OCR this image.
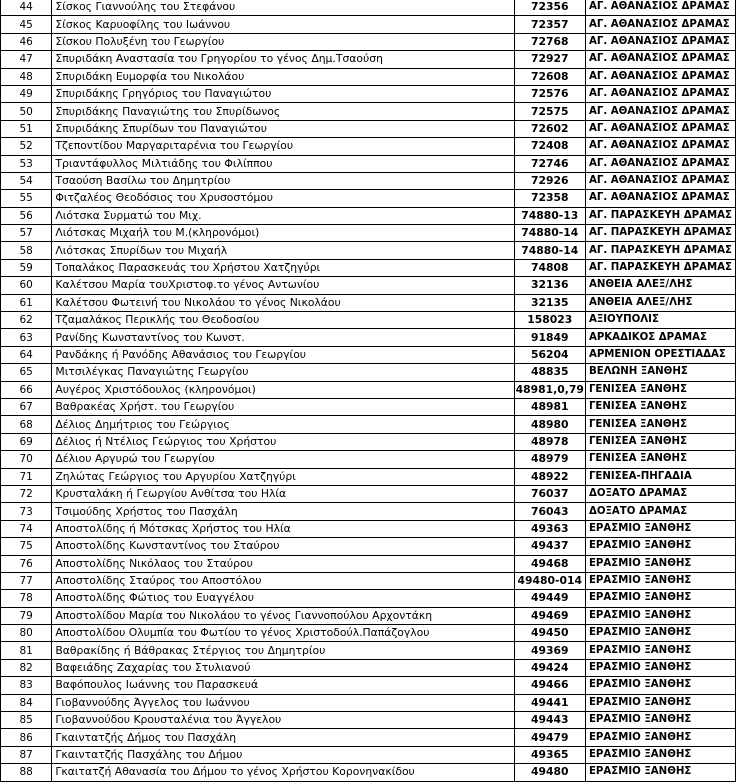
44	Σίσκος Γιαννούλης του Στεφάνου	72356	ΑΓ. ΑΘΑΝΑΣΙΟΣ ΔΡΑΜΑΣ
45	Σίσκος Καρυοφίλης του Ιωάννου	72357	ΑΓ. ΑΘΑΝΑΣΙΟΣ ΔΡΑΜΑΣ
46	Σίσκου Πολυξένη του Γεωργίου	72768	ΑΓ. ΑΘΑΝΑΣΙΟΣ ΔΡΑΜΑΣ
47	Σπυριδάκη Αναστασία του Γρηγορίου το γένος Δημ.Τσαούση	72927	ΑΓ. ΑΘΑΝΑΣΙΟΣ ΔΡΑΜΑΣ
48	Σπυριδάκη Ευμορφία του Νικολάου	72608	ΑΓ. ΑΘΑΝΑΣΙΟΣ ΔΡΑΜΑΣ
49	Σπυριδάκης Γρηγόριος του Παναγιώτου	72576	ΑΓ. ΑΘΑΝΑΣΙΟΣ ΔΡΑΜΑΣ
50	Σπυριδάκης Παναγιώτης του Σπυρίδωνος	72575	ΑΓ. ΑΘΑΝΑΣΙΟΣ ΔΡΑΜΑΣ
51	Σπυριδάκης Σπυρίδων του Παναγιώτου	72602	ΑΓ. ΑΘΑΝΑΣΙΟΣ ΔΡΑΜΑΣ
52	Τζεποντίδου Μαργαριταρένια του Γεωργίου	72408	ΑΓ. ΑΘΑΝΑΣΙΟΣ ΔΡΑΜΑΣ
53	Τριαντάφυλλος Μιλτιάδης του Φιλίππου	72746	ΑΓ. ΑΘΑΝΑΣΙΟΣ ΔΡΑΜΑΣ
54	Τσαούση Βασίλω του Δημητρίου	72926	ΑΓ. ΑΘΑΝΑΣΙΟΣ ΔΡΑΜΑΣ
55	Φιτζαλέος Θεοδόσιος του Χρυσοστόμου	72358	ΑΓ. ΑΘΑΝΑΣΙΟΣ ΔΡΑΜΑΣ
56	Λιότσκα Συρματώ του Μιχ.	74880-13	ΑΓ. ΠΑΡΑΣΚΕΥΗ ΔΡΑΜΑΣ
57	Λιότσκας Μιχαήλ του Μ.(κληρονόμοι)	74880-14	ΑΓ. ΠΑΡΑΣΚΕΥΗ ΔΡΑΜΑΣ
58	Λιότσκας Σπυρίδων του Μιχαήλ	74880-14	ΑΓ. ΠΑΡΑΣΚΕΥΗ ΔΡΑΜΑΣ
59	Τοπαλάκος Παρασκευάς του Χρήστου Χατζηγύρι	74808	ΑΓ. ΠΑΡΑΣΚΕΥΗ ΔΡΑΜΑΣ
60	Καλέτσου Μαρία τουΧριστοφ.το γένος Αντωνίου	32136	ΑΝΘΕΙΑ ΑΛΕΞ/ΛΗΣ
61	Καλέτσου Φωτεινή του Νικολάου το γένος Νικολάου	32135	ΑΝΘΕΙΑ ΑΛΕΞ/ΛΗΣ
62	Τζαμαλάκος Περικλής του Θεοδοσίου	158023	ΑΞΙΟΥΠΟΛΙΣ
63	Ρανίδης Κωνσταντίνος του Κωνστ.	91849	ΑΡΚΑΔΙΚΟΣ ΔΡΑΜΑΣ
64	Ρανδάκης ή Ρανόδης Αθανάσιος του Γεωργίου	56204	ΑΡΜΕΝΙΟΝ ΟΡΕΣΤΙΑΔΑΣ
65	Μιτσιλέγκας Παναγιώτης Γεωργίου	48835	ΒΕΛΩΝΗ ΞΑΝΘΗΣ
66	Αυγέρος Χριστόδουλος (κληρονόμοι)	48981,0,79	ΓΕΝΙΣΕΑ ΞΑΝΘΗΣ
67	Βαθρακέας Χρήστ. του Γεωργίου	48981	ΓΕΝΙΣΕΑ ΞΑΝΘΗΣ
68	Δέλιος Δημήτριος του Γεώργιος	48980	ΓΕΝΙΣΕΑ ΞΑΝΘΗΣ
69	Δέλιος ή Ντέλιος Γεώργιος του Χρήστου	48978	ΓΕΝΙΣΕΑ ΞΑΝΘΗΣ
70	Δέλιου Αργυρώ του Γεωργίου	48979	ΓΕΝΙΣΕΑ ΞΑΝΘΗΣ
71	Ζηλώτας Γεώργιος του Αργυρίου Χατζηγύρι	48922	ΓΕΝΙΣΕΑ-ΠΗΓΑΔΙΑ
72	Κρυσταλάκη ή Γεωργίου Ανθίτσα του Ηλία	76037	ΔΟΞΑΤΟ ΔΡΑΜΑΣ
73	Τσιμούδης Χρήστος του Πασχάλη	76043	ΔΟΞΑΤΟ ΔΡΑΜΑΣ
74	Αποστολίδης ή Μότσκας Χρήστος του Ηλία	49363	ΕΡΑΣΜΙΟ ΞΑΝΘΗΣ
75	Αποστολίδης Κωνσταντίνος του Σταύρου	49437	ΕΡΑΣΜΙΟ ΞΑΝΘΗΣ
76	Αποστολίδης Νικόλαος του Σταύρου	49468	ΕΡΑΣΜΙΟ ΞΑΝΘΗΣ
77	Αποστολίδης Σταύρος του Αποστόλου	49480-014	ΕΡΑΣΜΙΟ ΞΑΝΘΗΣ
78	Αποστολίδης Φώτιος του Ευαγγέλου	49449	ΕΡΑΣΜΙΟ ΞΑΝΘΗΣ
79	Αποστολίδου Μαρία του Νικολάου το γένος Γιαννοπούλου Αρχοντάκη	49469	ΕΡΑΣΜΙΟ ΞΑΝΘΗΣ
80	Αποστολίδου Ολυμπία του Φωτίου το γένος Χριστοδούλ.Παπάζογλου	49450	ΕΡΑΣΜΙΟ ΞΑΝΘΗΣ
81	Βαθρακίδης ή Βάθρακας Στέργιος του Δημητρίου	49369	ΕΡΑΣΜΙΟ ΞΑΝΘΗΣ
82	Βαφειάδης Ζαχαρίας του Στυλιανού	49424	ΕΡΑΣΜΙΟ ΞΑΝΘΗΣ
83	Βαφόπουλος Ιωάννης του Παρασκευά	49466	ΕΡΑΣΜΙΟ ΞΑΝΘΗΣ
84	Γιοβαννούδης Άγγελος του Ιωάννου	49441	ΕΡΑΣΜΙΟ ΞΑΝΘΗΣ
85	Γιοβαννούδου Κρουσταλένια του Άγγελου	49443	ΕΡΑΣΜΙΟ ΞΑΝΘΗΣ
86	Γκαιντατζής Δήμος του Πασχάλη	49479	ΕΡΑΣΜΙΟ ΞΑΝΘΗΣ
87	Γκαιντατζής Πασχάλης του Δήμου	49365	ΕΡΑΣΜΙΟ ΞΑΝΘΗΣ
88	Γκαιτατζή Αθανασία του Δήμου το γένος Χρήστου Κορονηνακίδου	49480	ΕΡΑΣΜΙΟ ΞΑΝΘΗΣ
